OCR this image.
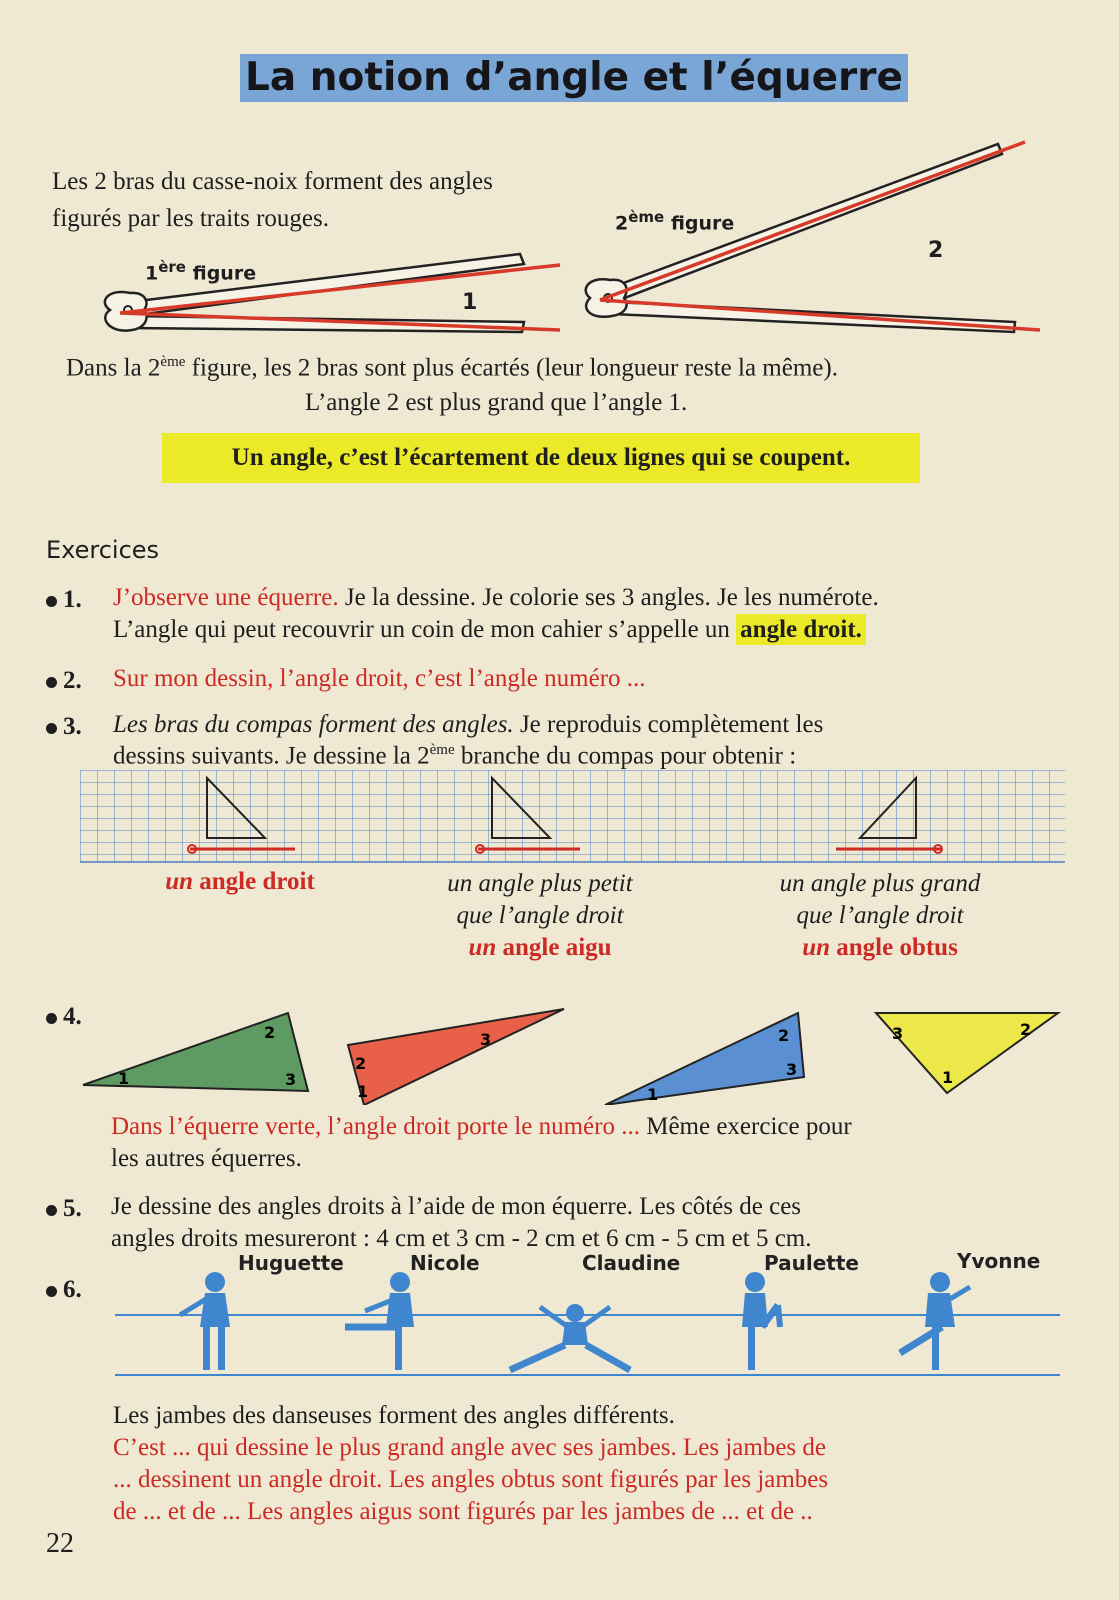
La notion d’angle et l’équerre
Les 2 bras du casse-noix forment des angles
figurés par les traits rouges.
1ère figure
1
2ème figure
2
Dans la 2ème figure, les 2 bras sont plus écartés (leur longueur reste la même).
L’angle 2 est plus grand que l’angle 1.
Un angle, c’est l’écartement de deux lignes qui se coupent.
Exercices
1. J’observe une équerre. Je la dessine. Je colorie ses 3 angles. Je les numérote.
L’angle qui peut recouvrir un coin de mon cahier s’appelle un angle droit.
2. Sur mon dessin, l’angle droit, c’est l’angle numéro ...
3. Les bras du compas forment des angles. Je reproduis complètement les
dessins suivants. Je dessine la 2ème branche du compas pour obtenir :
un angle droit	un angle plus petit
que l’angle droit
un angle aigu
un angle plus grand
que l’angle droit
un angle obtus
4.
1
2
3
1
2
3
1
2
3	1
2
3
Dans l’équerre verte, l’angle droit porte le numéro ... Même exercice pour
les autres équerres.
5. Je dessine des angles droits à l’aide de mon équerre. Les côtés de ces
angles droits mesureront : 4 cm et 3 cm - 2 cm et 6 cm - 5 cm et 5 cm.
6.
Huguette	Nicole	Claudine	Paulette	Yvonne
Les jambes des danseuses forment des angles différents.
C’est ... qui dessine le plus grand angle avec ses jambes. Les jambes de
... dessinent un angle droit. Les angles obtus sont figurés par les jambes
de ... et de ... Les angles aigus sont figurés par les jambes de ... et de ..
22
